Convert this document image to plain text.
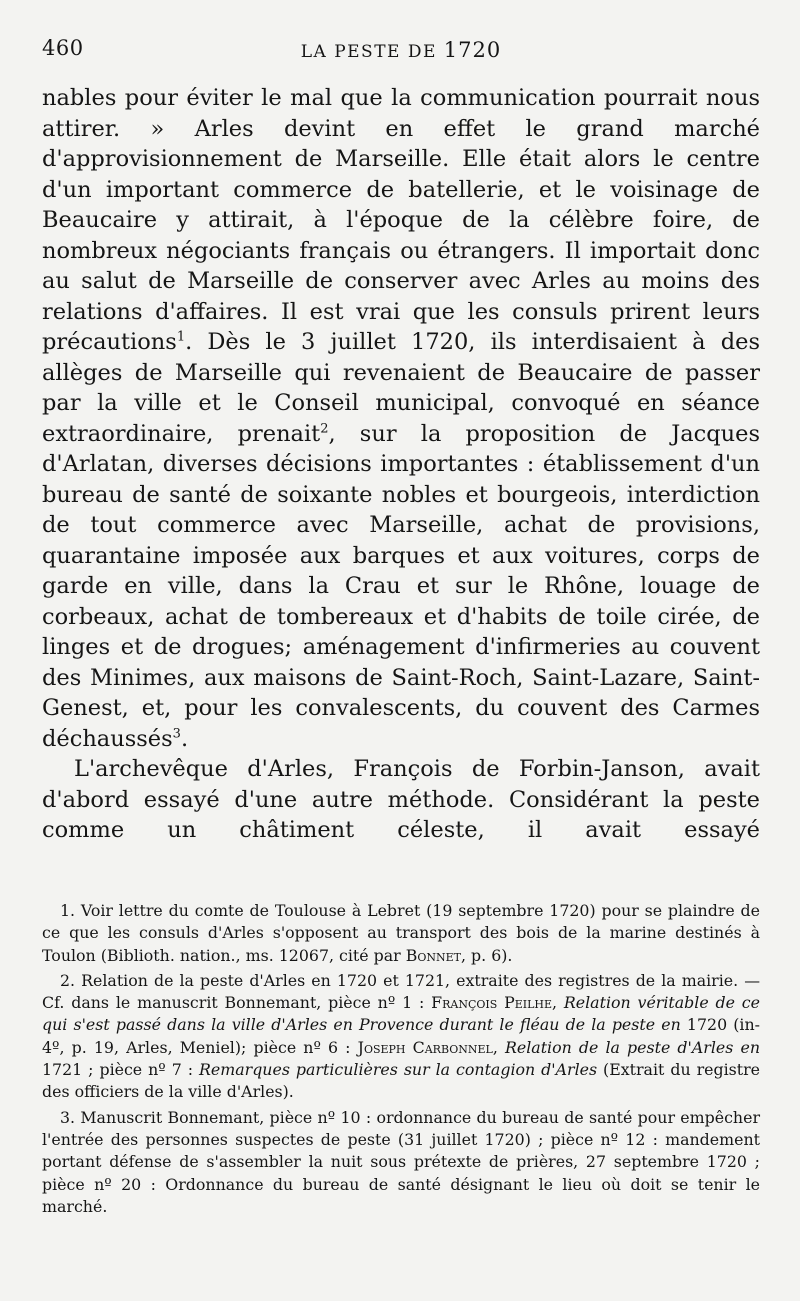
460	LA PESTE DE 1720

nables pour éviter le mal que la communication pourrait nous attirer. » Arles devint en effet le grand marché d'approvisionnement de Marseille. Elle était alors le centre d'un important commerce de batellerie, et le voisinage de Beaucaire y attirait, à l'époque de la célèbre foire, de nombreux négociants français ou étrangers. Il importait donc au salut de Marseille de conserver avec Arles au moins des relations d'affaires. Il est vrai que les consuls prirent leurs précautions$^1$. Dès le 3 juillet 1720, ils interdisaient à des allèges de Marseille qui revenaient de Beaucaire de passer par la ville et le Conseil municipal, convoqué en séance extraordinaire, prenait$^2$, sur la proposition de Jacques d'Arlatan, diverses décisions importantes : établissement d'un bureau de santé de soixante nobles et bourgeois, interdiction de tout commerce avec Marseille, achat de provisions, quarantaine imposée aux barques et aux voitures, corps de garde en ville, dans la Crau et sur le Rhône, louage de corbeaux, achat de tombereaux et d'habits de toile cirée, de linges et de drogues; aménagement d'infirmeries au couvent des Minimes, aux maisons de Saint-Roch, Saint-Lazare, Saint-Genest, et, pour les convalescents, du couvent des Carmes déchaussés$^3$.

L'archevêque d'Arles, François de Forbin-Janson, avait d'abord essayé d'une autre méthode. Considérant la peste comme un châtiment céleste, il avait essayé

1. Voir lettre du comte de Toulouse à Lebret (19 septembre 1720) pour se plaindre de ce que les consuls d'Arles s'opposent au transport des bois de la marine destinés à Toulon (Biblioth. nation., ms. 12067, cité par Bonnet, p. 6).

2. Relation de la peste d'Arles en 1720 et 1721, extraite des registres de la mairie. — Cf. dans le manuscrit Bonnemant, pièce nº 1 : François Peilhe, Relation véritable de ce qui s'est passé dans la ville d'Arles en Provence durant le fléau de la peste en 1720 (in-4º, p. 19, Arles, Meniel); pièce nº 6 : Joseph Carbonnel, Relation de la peste d'Arles en 1721 ; pièce nº 7 : Remarques particulières sur la contagion d'Arles (Extrait du registre des officiers de la ville d'Arles).

3. Manuscrit Bonnemant, pièce nº 10 : ordonnance du bureau de santé pour empêcher l'entrée des personnes suspectes de peste (31 juillet 1720) ; pièce nº 12 : mandement portant défense de s'assembler la nuit sous prétexte de prières, 27 septembre 1720 ; pièce nº 20 : Ordonnance du bureau de santé désignant le lieu où doit se tenir le marché.
